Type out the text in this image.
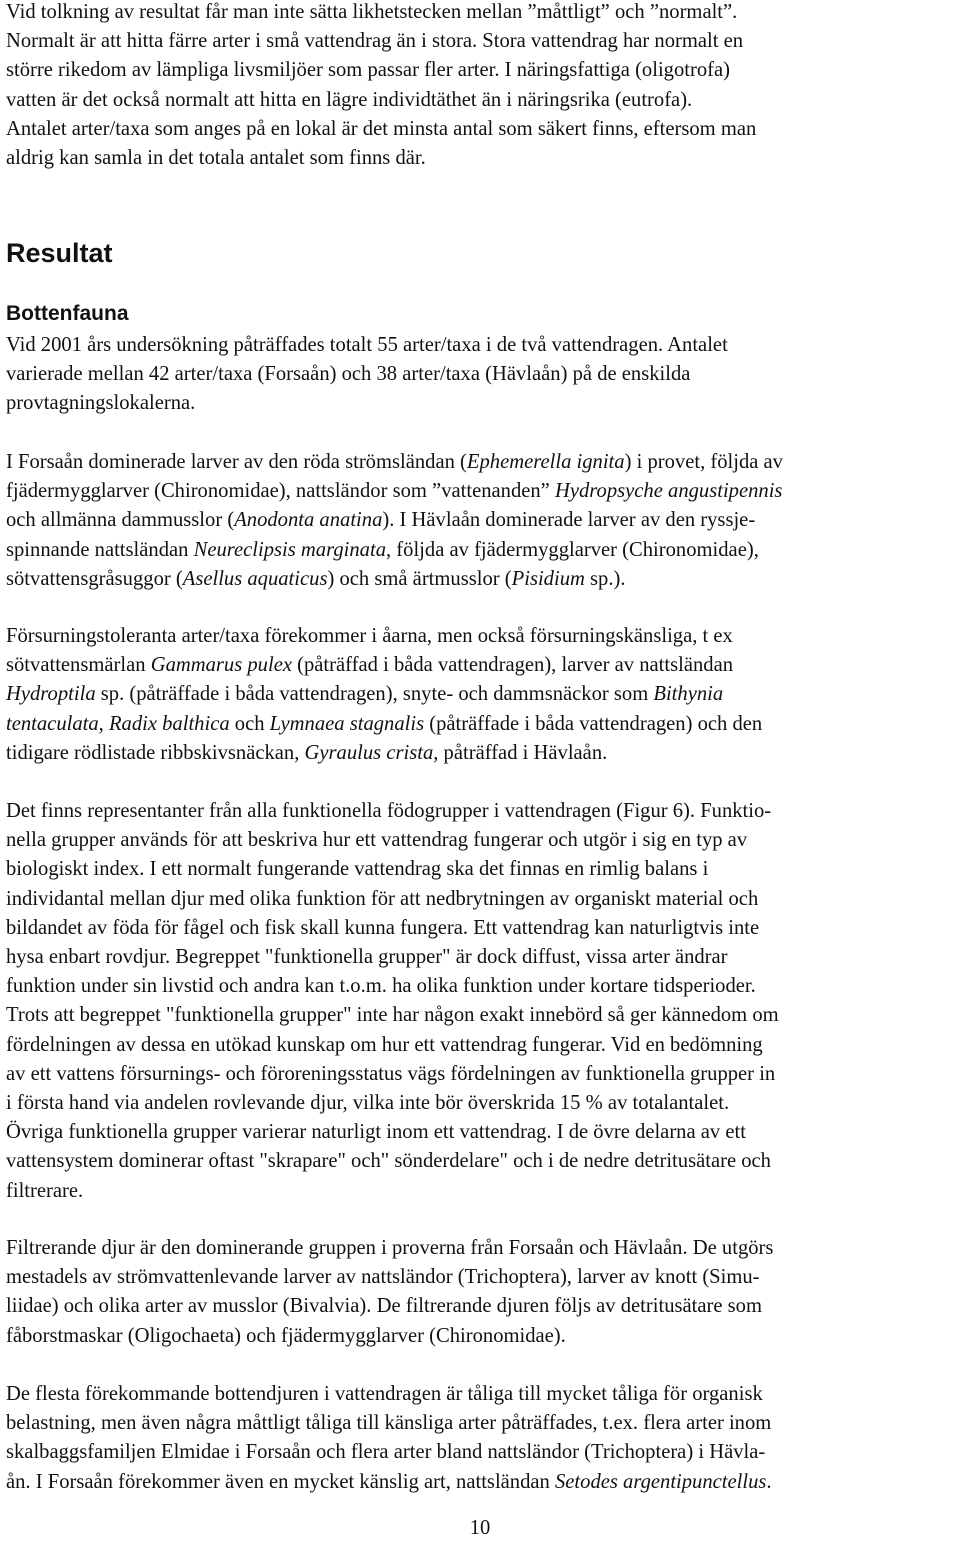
Vid tolkning av resultat får man inte sätta likhetstecken mellan ”måttligt” och ”normalt”.
Normalt är att hitta färre arter i små vattendrag än i stora. Stora vattendrag har normalt en
större rikedom av lämpliga livsmiljöer som passar fler arter. I näringsfattiga (oligotrofa)
vatten är det också normalt att hitta en lägre individtäthet än i näringsrika (eutrofa).
Antalet arter/taxa som anges på en lokal är det minsta antal som säkert finns, eftersom man
aldrig kan samla in det totala antalet som finns där.
Resultat
Bottenfauna
Vid 2001 års undersökning påträffades totalt 55 arter/taxa i de två vattendragen. Antalet
varierade mellan 42 arter/taxa (Forsaån) och 38 arter/taxa (Hävlaån) på de enskilda
provtagningslokalerna.
I Forsaån dominerade larver av den röda strömsländan (Ephemerella ignita) i provet, följda av
fjädermygglarver (Chironomidae), nattsländor som ”vattenanden” Hydropsyche angustipennis
och allmänna dammusslor (Anodonta anatina). I Hävlaån dominerade larver av den ryssje-
spinnande nattsländan Neureclipsis marginata, följda av fjädermygglarver (Chironomidae),
sötvattensgråsuggor (Asellus aquaticus) och små ärtmusslor (Pisidium sp.).
Försurningstoleranta arter/taxa förekommer i åarna, men också försurningskänsliga, t ex
sötvattensmärlan Gammarus pulex (påträffad i båda vattendragen), larver av nattsländan
Hydroptila sp. (påträffade i båda vattendragen), snyte- och dammsnäckor som Bithynia
tentaculata, Radix balthica och Lymnaea stagnalis (påträffade i båda vattendragen) och den
tidigare rödlistade ribbskivsnäckan, Gyraulus crista, påträffad i Hävlaån.
Det finns representanter från alla funktionella födogrupper i vattendragen (Figur 6). Funktio-
nella grupper används för att beskriva hur ett vattendrag fungerar och utgör i sig en typ av
biologiskt index. I ett normalt fungerande vattendrag ska det finnas en rimlig balans i
individantal mellan djur med olika funktion för att nedbrytningen av organiskt material och
bildandet av föda för fågel och fisk skall kunna fungera. Ett vattendrag kan naturligtvis inte
hysa enbart rovdjur. Begreppet "funktionella grupper" är dock diffust, vissa arter ändrar
funktion under sin livstid och andra kan t.o.m. ha olika funktion under kortare tidsperioder.
Trots att begreppet "funktionella grupper" inte har någon exakt innebörd så ger kännedom om
fördelningen av dessa en utökad kunskap om hur ett vattendrag fungerar. Vid en bedömning
av ett vattens försurnings- och föroreningsstatus vägs fördelningen av funktionella grupper in
i första hand via andelen rovlevande djur, vilka inte bör överskrida 15 % av totalantalet.
Övriga funktionella grupper varierar naturligt inom ett vattendrag. I de övre delarna av ett
vattensystem dominerar oftast "skrapare" och" sönderdelare" och i de nedre detritusätare och
filtrerare.
Filtrerande djur är den dominerande gruppen i proverna från Forsaån och Hävlaån. De utgörs
mestadels av strömvattenlevande larver av nattsländor (Trichoptera), larver av knott (Simu-
liidae) och olika arter av musslor (Bivalvia). De filtrerande djuren följs av detritusätare som
fåborstmaskar (Oligochaeta) och fjädermygglarver (Chironomidae).
De flesta förekommande bottendjuren i vattendragen är tåliga till mycket tåliga för organisk
belastning, men även några måttligt tåliga till känsliga arter påträffades, t.ex. flera arter inom
skalbaggsfamiljen Elmidae i Forsaån och flera arter bland nattsländor (Trichoptera) i Hävla-
ån. I Forsaån förekommer även en mycket känslig art, nattsländan Setodes argentipunctellus.
10
